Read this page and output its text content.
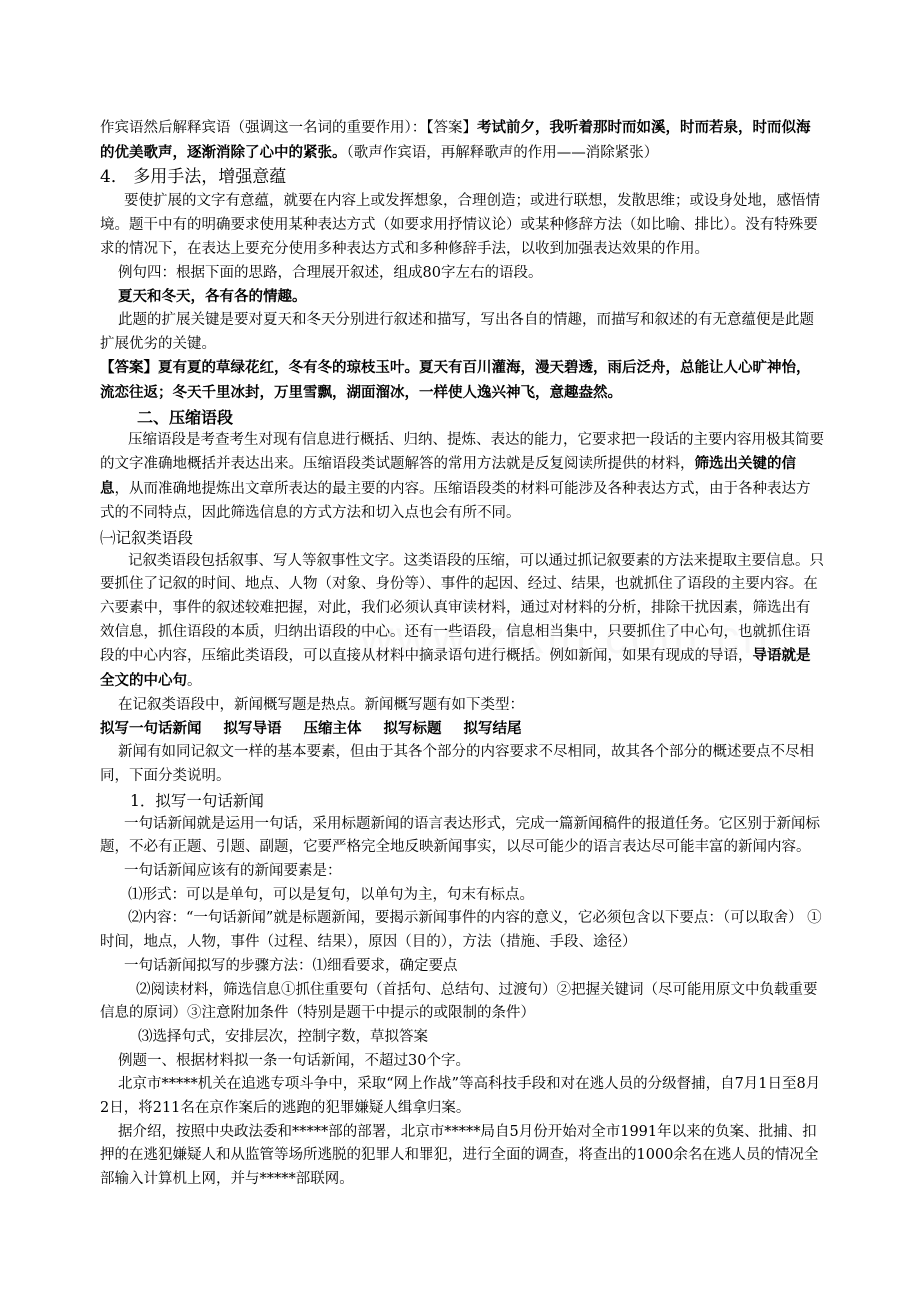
作宾语然后解释宾语（强调这一名词的重要作用）：【答案】考试前夕，我听着那时而如溪，时而若泉，时而似海的优美歌声，逐渐消除了心中的紧张。（歌声作宾语，再解释歌声的作用——消除紧张）

4． 多用手法，增强意蕴

要使扩展的文字有意蕴，就要在内容上或发挥想象，合理创造；或进行联想，发散思维；或设身处地，感悟情境。题干中有的明确要求使用某种表达方式（如要求用抒情议论）或某种修辞方法（如比喻、排比）。没有特殊要求的情况下，在表达上要充分使用多种表达方式和多种修辞手法，以收到加强表达效果的作用。

例句四：根据下面的思路，合理展开叙述，组成80字左右的语段。

夏天和冬天，各有各的情趣。

此题的扩展关键是要对夏天和冬天分别进行叙述和描写，写出各自的情趣，而描写和叙述的有无意蕴便是此题扩展优劣的关键。

【答案】夏有夏的草绿花红，冬有冬的琼枝玉叶。夏天有百川灌海，漫天碧透，雨后泛舟，总能让人心旷神怡，流恋往返；冬天千里冰封，万里雪飘，湖面溜冰，一样使人逸兴神飞，意趣盎然。

二、压缩语段

压缩语段是考查考生对现有信息进行概括、归纳、提炼、表达的能力，它要求把一段话的主要内容用极其简要的文字准确地概括并表达出来。压缩语段类试题解答的常用方法就是反复阅读所提供的材料，筛选出关键的信息，从而准确地提炼出文章所表达的最主要的内容。压缩语段类的材料可能涉及各种表达方式，由于各种表达方式的不同特点，因此筛选信息的方式方法和切入点也会有所不同。

㈠记叙类语段

记叙类语段包括叙事、写人等叙事性文字。这类语段的压缩，可以通过抓记叙要素的方法来提取主要信息。只要抓住了记叙的时间、地点、人物（对象、身份等）、事件的起因、经过、结果，也就抓住了语段的主要内容。在六要素中，事件的叙述较难把握，对此，我们必须认真审读材料，通过对材料的分析，排除干扰因素，筛选出有效信息，抓住语段的本质，归纳出语段的中心。还有一些语段，信息相当集中，只要抓住了中心句，也就抓住语段的中心内容，压缩此类语段，可以直接从材料中摘录语句进行概括。例如新闻，如果有现成的导语，导语就是全文的中心句。

在记叙类语段中，新闻概写题是热点。新闻概写题有如下类型：

拟写一句话新闻 拟写导语 压缩主体 拟写标题 拟写结尾

新闻有如同记叙文一样的基本要素，但由于其各个部分的内容要求不尽相同，故其各个部分的概述要点不尽相同，下面分类说明。

1．拟写一句话新闻

一句话新闻就是运用一句话，采用标题新闻的语言表达形式，完成一篇新闻稿件的报道任务。它区别于新闻标题，不必有正题、引题、副题，它要严格完全地反映新闻事实，以尽可能少的语言表达尽可能丰富的新闻内容。

一句话新闻应该有的新闻要素是：

⑴形式：可以是单句，可以是复句，以单句为主，句末有标点。

⑵内容：“一句话新闻”就是标题新闻，要揭示新闻事件的内容的意义，它必须包含以下要点：（可以取舍） ①时间，地点，人物，事件（过程、结果），原因（目的），方法（措施、手段、途径）

一句话新闻拟写的步骤方法：⑴细看要求，确定要点

⑵阅读材料，筛选信息①抓住重要句（首括句、总结句、过渡句）②把握关键词（尽可能用原文中负载重要信息的原词）③注意附加条件（特别是题干中提示的或限制的条件）

⑶选择句式，安排层次，控制字数，草拟答案

例题一、根据材料拟一条一句话新闻，不超过30个字。

北京市*****机关在追逃专项斗争中，采取“网上作战”等高科技手段和对在逃人员的分级督捕，自7月1日至8月2日，将211名在京作案后的逃跑的犯罪嫌疑人缉拿归案。

据介绍，按照中央政法委和*****部的部署，北京市*****局自5月份开始对全市1991年以来的负案、批捕、扣押的在逃犯嫌疑人和从监管等场所逃脱的犯罪人和罪犯，进行全面的调查，将查出的1000余名在逃人员的情况全部输入计算机上网，并与*****部联网。
